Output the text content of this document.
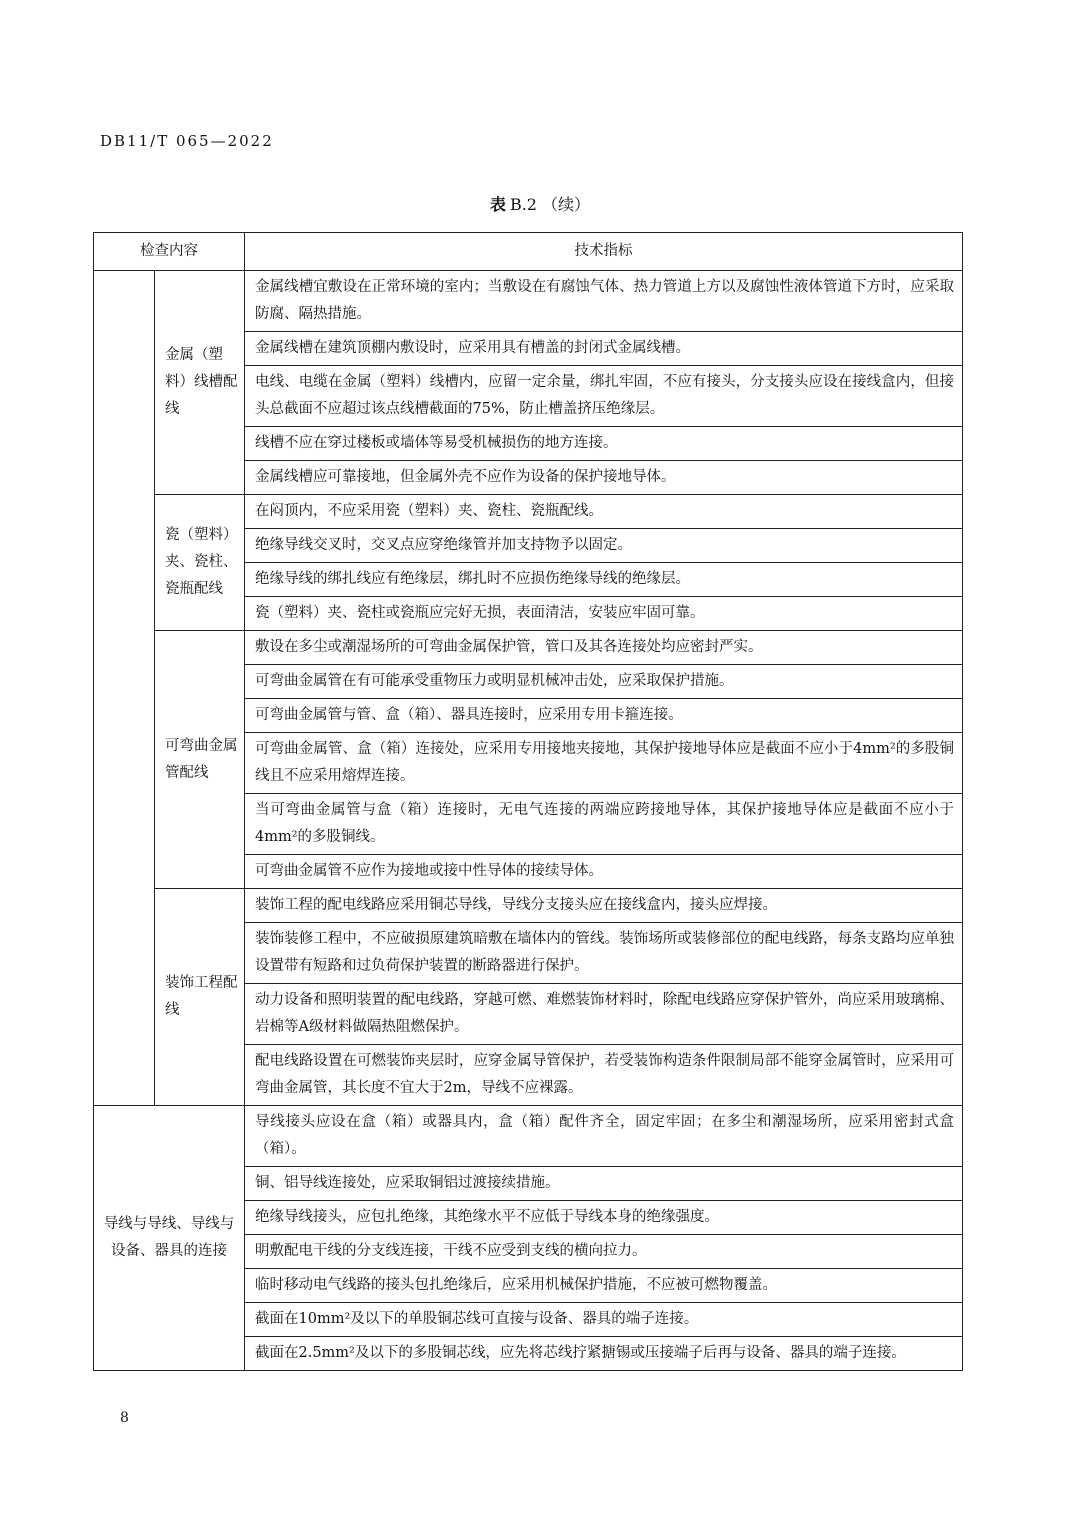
DB11/T 065—2022
表 B.2 （续）
检查内容		技术指标
	金属（塑料）线槽配线	金属线槽宜敷设在正常环境的室内；当敷设在有腐蚀气体、热力管道上方以及腐蚀性液体管道下方时，应采取防腐、隔热措施。
		金属线槽在建筑顶棚内敷设时，应采用具有槽盖的封闭式金属线槽。
		电线、电缆在金属（塑料）线槽内，应留一定余量，绑扎牢固，不应有接头，分支接头应设在接线盒内，但接头总截面不应超过该点线槽截面的75%，防止槽盖挤压绝缘层。
		线槽不应在穿过楼板或墙体等易受机械损伤的地方连接。
		金属线槽应可靠接地，但金属外壳不应作为设备的保护接地导体。
	瓷（塑料）夹、瓷柱、瓷瓶配线	在闷顶内，不应采用瓷（塑料）夹、瓷柱、瓷瓶配线。
		绝缘导线交叉时，交叉点应穿绝缘管并加支持物予以固定。
		绝缘导线的绑扎线应有绝缘层，绑扎时不应损伤绝缘导线的绝缘层。
		瓷（塑料）夹、瓷柱或瓷瓶应完好无损，表面清洁，安装应牢固可靠。
	可弯曲金属管配线	敷设在多尘或潮湿场所的可弯曲金属保护管，管口及其各连接处均应密封严实。
		可弯曲金属管在有可能承受重物压力或明显机械冲击处，应采取保护措施。
		可弯曲金属管与管、盒（箱）、器具连接时，应采用专用卡箍连接。
		可弯曲金属管、盒（箱）连接处，应采用专用接地夹接地，其保护接地导体应是截面不应小于4mm²的多股铜线且不应采用熔焊连接。
		当可弯曲金属管与盒（箱）连接时，无电气连接的两端应跨接地导体，其保护接地导体应是截面不应小于4mm²的多股铜线。
		可弯曲金属管不应作为接地或接中性导体的接续导体。
	装饰工程配线	装饰工程的配电线路应采用铜芯导线，导线分支接头应在接线盒内，接头应焊接。
		装饰装修工程中，不应破损原建筑暗敷在墙体内的管线。装饰场所或装修部位的配电线路，每条支路均应单独设置带有短路和过负荷保护装置的断路器进行保护。
		动力设备和照明装置的配电线路，穿越可燃、难燃装饰材料时，除配电线路应穿保护管外，尚应采用玻璃棉、岩棉等A级材料做隔热阻燃保护。
		配电线路设置在可燃装饰夹层时，应穿金属导管保护，若受装饰构造条件限制局部不能穿金属管时，应采用可弯曲金属管，其长度不宜大于2m，导线不应裸露。
导线与导线、导线与设备、器具的连接		导线接头应设在盒（箱）或器具内，盒（箱）配件齐全，固定牢固；在多尘和潮湿场所，应采用密封式盒（箱）。
		铜、铝导线连接处，应采取铜铝过渡接续措施。
		绝缘导线接头，应包扎绝缘，其绝缘水平不应低于导线本身的绝缘强度。
		明敷配电干线的分支线连接，干线不应受到支线的横向拉力。
		临时移动电气线路的接头包扎绝缘后，应采用机械保护措施，不应被可燃物覆盖。
		截面在10mm²及以下的单股铜芯线可直接与设备、器具的端子连接。
		截面在2.5mm²及以下的多股铜芯线，应先将芯线拧紧搪锡或压接端子后再与设备、器具的端子连接。
8
